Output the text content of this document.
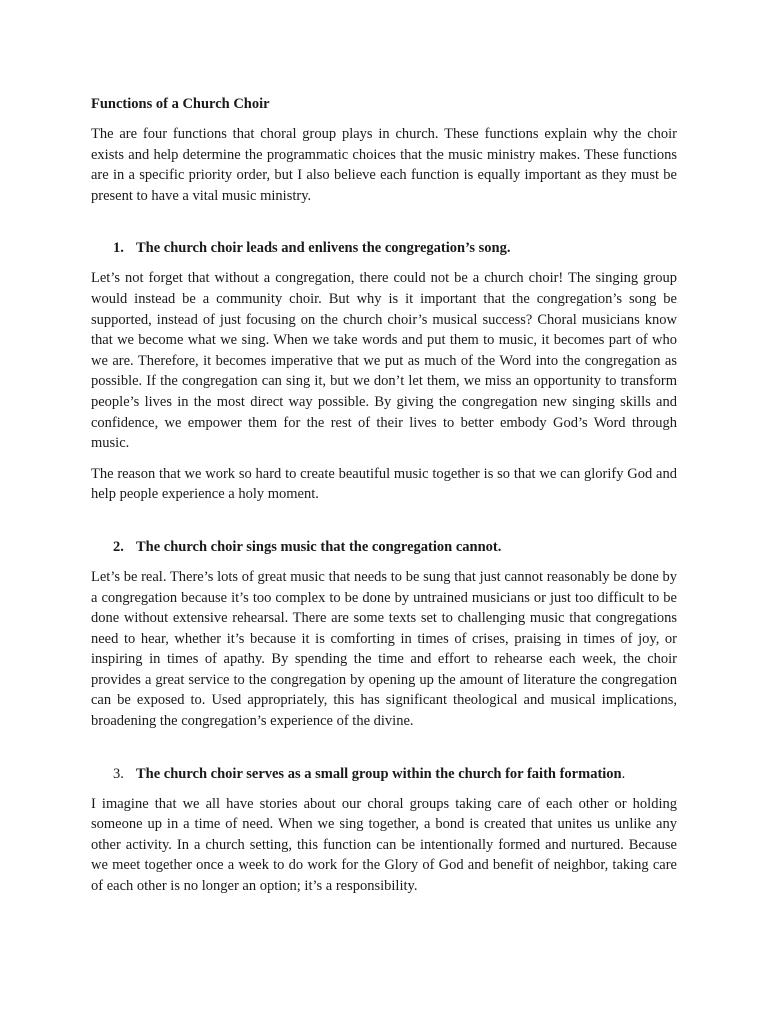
Functions of a Church Choir

The are four functions that choral group plays in church. These functions explain why the choir exists and help determine the programmatic choices that the music ministry makes. These functions are in a specific priority order, but I also believe each function is equally important as they must be present to have a vital music ministry.

1. The church choir leads and enlivens the congregation’s song.

Let’s not forget that without a congregation, there could not be a church choir! The singing group would instead be a community choir. But why is it important that the congregation’s song be supported, instead of just focusing on the church choir’s musical success? Choral musicians know that we become what we sing. When we take words and put them to music, it becomes part of who we are. Therefore, it becomes imperative that we put as much of the Word into the congregation as possible. If the congregation can sing it, but we don’t let them, we miss an opportunity to transform people’s lives in the most direct way possible. By giving the congregation new singing skills and confidence, we empower them for the rest of their lives to better embody God’s Word through music.

The reason that we work so hard to create beautiful music together is so that we can glorify God and help people experience a holy moment.

2. The church choir sings music that the congregation cannot.

Let’s be real. There’s lots of great music that needs to be sung that just cannot reasonably be done by a congregation because it’s too complex to be done by untrained musicians or just too difficult to be done without extensive rehearsal. There are some texts set to challenging music that congregations need to hear, whether it’s because it is comforting in times of crises, praising in times of joy, or inspiring in times of apathy. By spending the time and effort to rehearse each week, the choir provides a great service to the congregation by opening up the amount of literature the congregation can be exposed to. Used appropriately, this has significant theological and musical implications, broadening the congregation’s experience of the divine.

3. The church choir serves as a small group within the church for faith formation.

I imagine that we all have stories about our choral groups taking care of each other or holding someone up in a time of need. When we sing together, a bond is created that unites us unlike any other activity. In a church setting, this function can be intentionally formed and nurtured. Because we meet together once a week to do work for the Glory of God and benefit of neighbor, taking care of each other is no longer an option; it’s a responsibility.
